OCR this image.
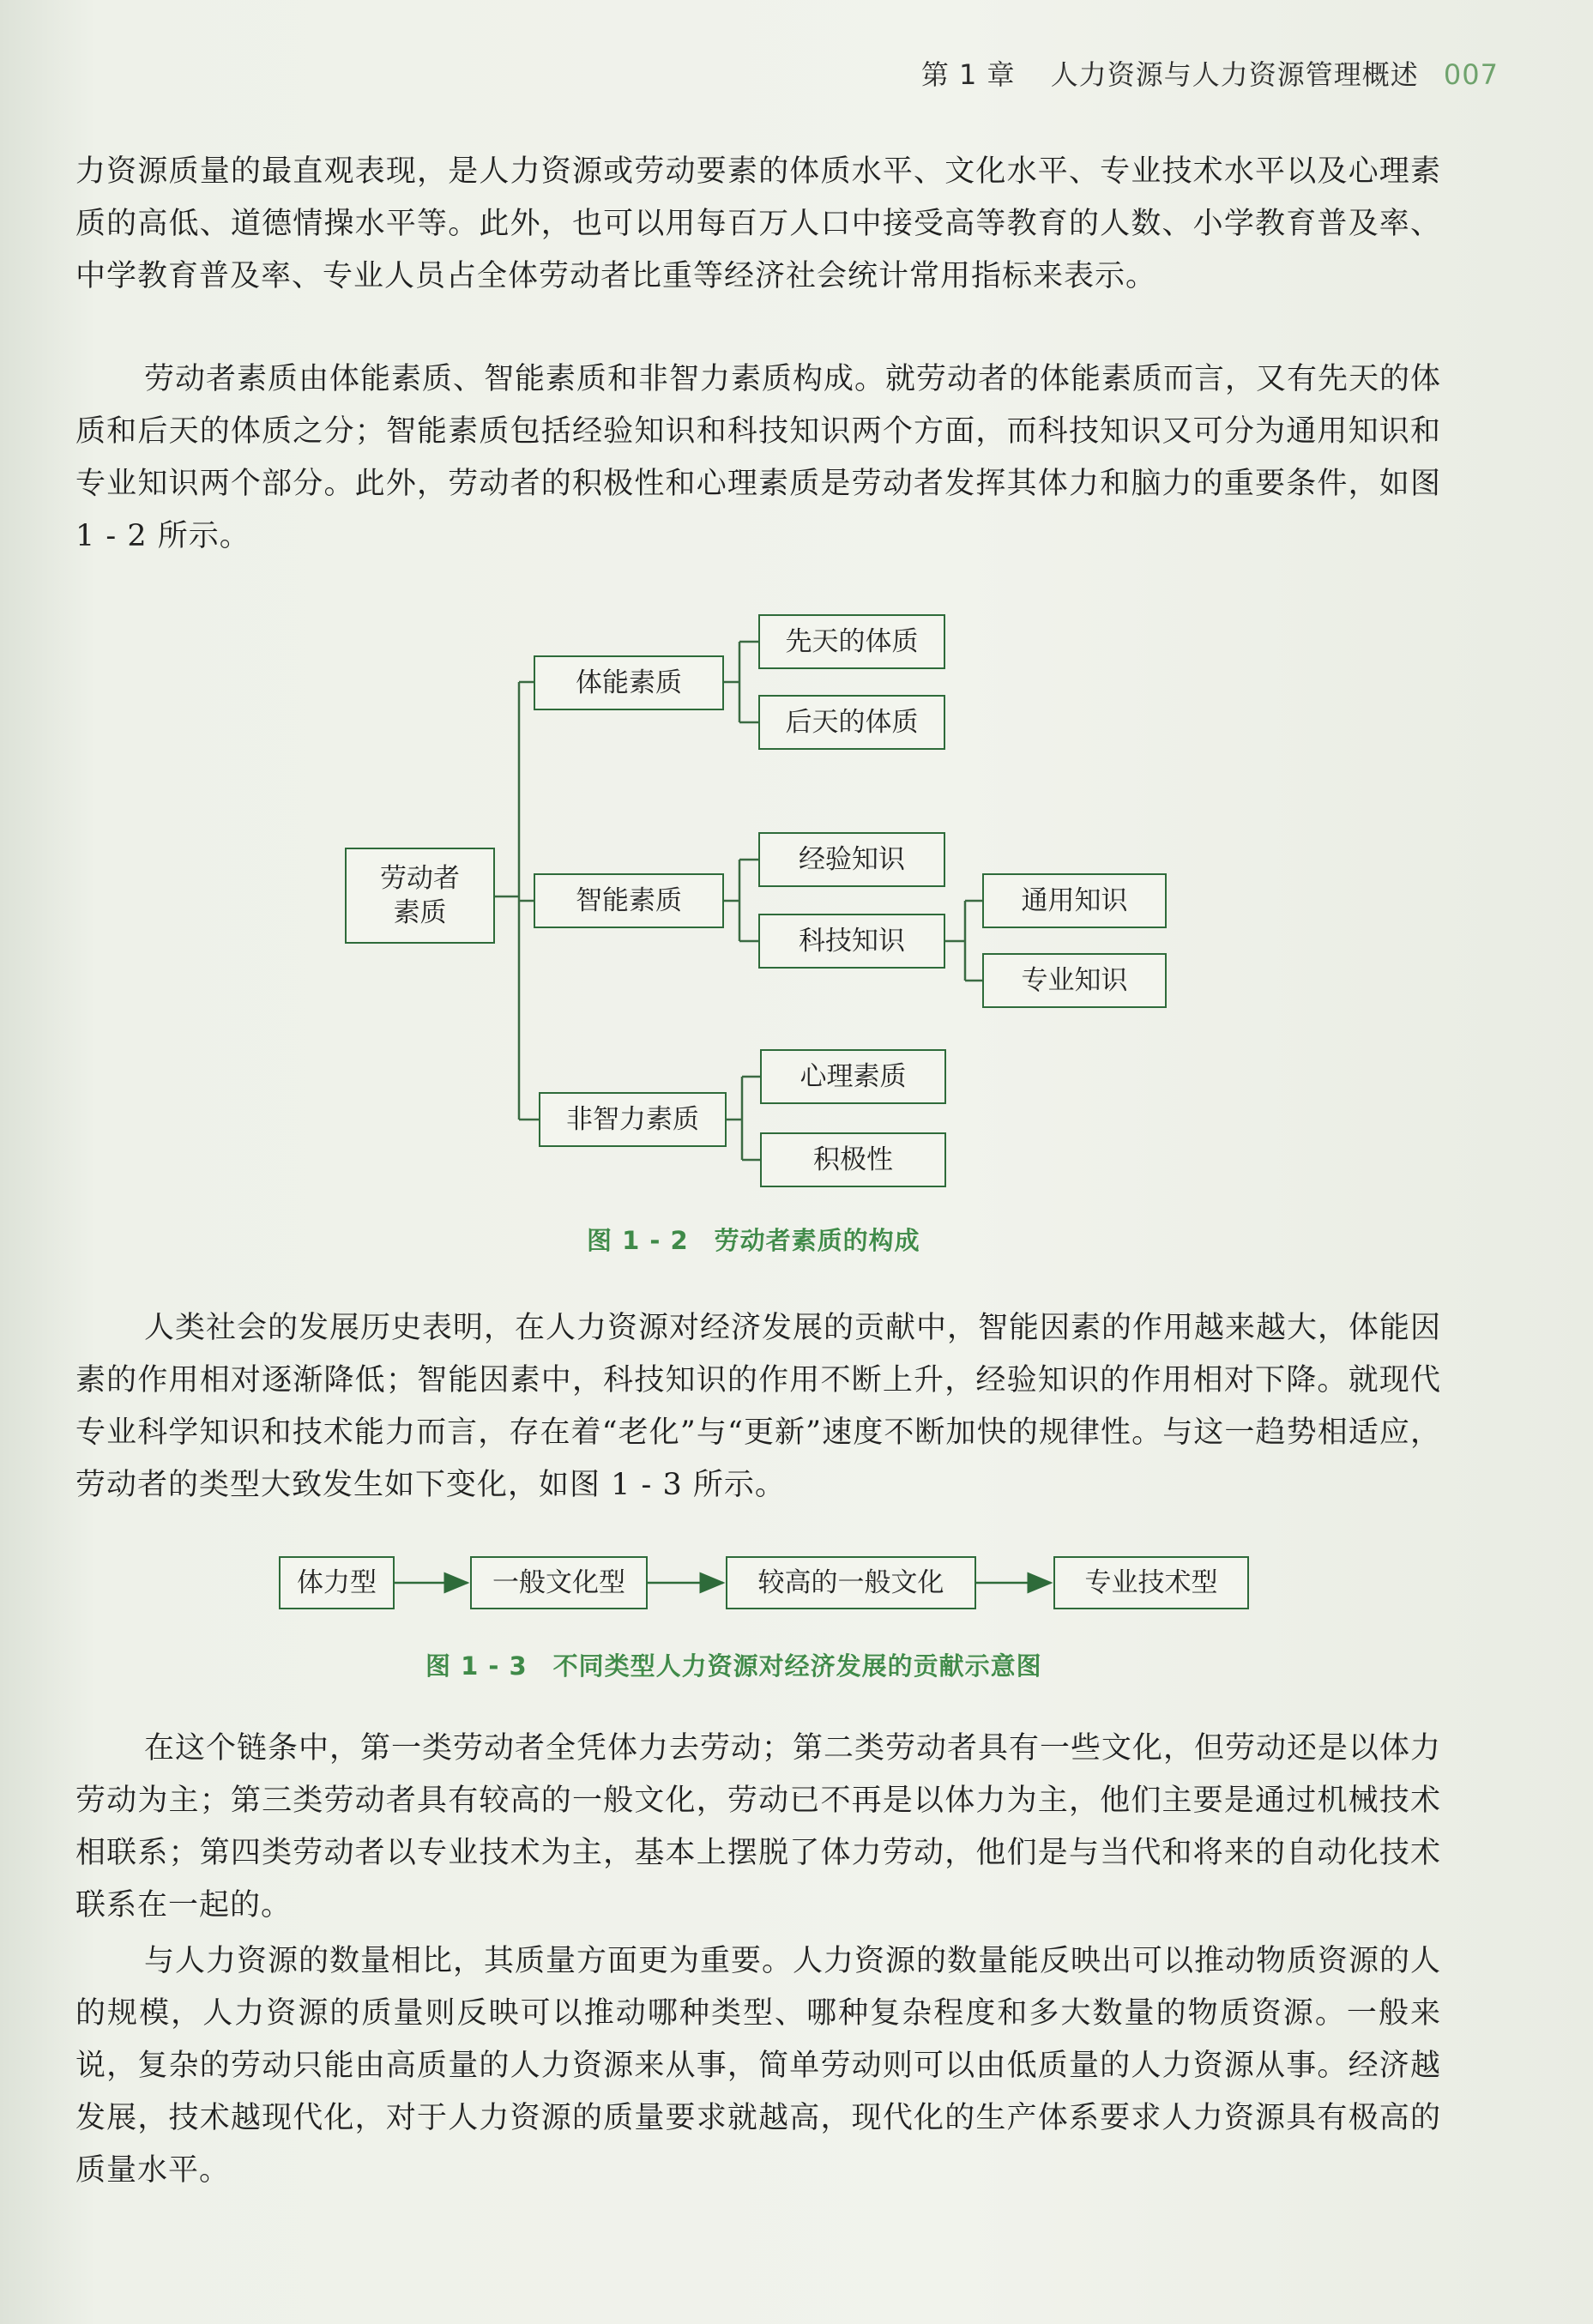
第 1 章 人力资源与人力资源管理概述 007

力资源质量的最直观表现，是人力资源或劳动要素的体质水平、文化水平、专业技术水平以及心理素质的高低、道德情操水平等。此外，也可以用每百万人口中接受高等教育的人数、小学教育普及率、中学教育普及率、专业人员占全体劳动者比重等经济社会统计常用指标来表示。

劳动者素质由体能素质、智能素质和非智力素质构成。就劳动者的体能素质而言，又有先天的体质和后天的体质之分；智能素质包括经验知识和科技知识两个方面，而科技知识又可分为通用知识和专业知识两个部分。此外，劳动者的积极性和心理素质是劳动者发挥其体力和脑力的重要条件，如图 1 - 2 所示。

劳动者
素质
体能素质
先天的体质
后天的体质
智能素质
经验知识
科技知识
通用知识
专业知识
非智力素质
心理素质
积极性
图 1 - 2　劳动者素质的构成

人类社会的发展历史表明，在人力资源对经济发展的贡献中，智能因素的作用越来越大，体能因素的作用相对逐渐降低；智能因素中，科技知识的作用不断上升，经验知识的作用相对下降。就现代专业科学知识和技术能力而言，存在着“老化”与“更新”速度不断加快的规律性。与这一趋势相适应，劳动者的类型大致发生如下变化，如图 1 - 3 所示。

体力型	一般文化型	较高的一般文化	专业技术型
图 1 - 3　不同类型人力资源对经济发展的贡献示意图

在这个链条中，第一类劳动者全凭体力去劳动；第二类劳动者具有一些文化，但劳动还是以体力劳动为主；第三类劳动者具有较高的一般文化，劳动已不再是以体力为主，他们主要是通过机械技术相联系；第四类劳动者以专业技术为主，基本上摆脱了体力劳动，他们是与当代和将来的自动化技术联系在一起的。

与人力资源的数量相比，其质量方面更为重要。人力资源的数量能反映出可以推动物质资源的人的规模，人力资源的质量则反映可以推动哪种类型、哪种复杂程度和多大数量的物质资源。一般来说，复杂的劳动只能由高质量的人力资源来从事，简单劳动则可以由低质量的人力资源从事。经济越发展，技术越现代化，对于人力资源的质量要求就越高，现代化的生产体系要求人力资源具有极高的质量水平。
